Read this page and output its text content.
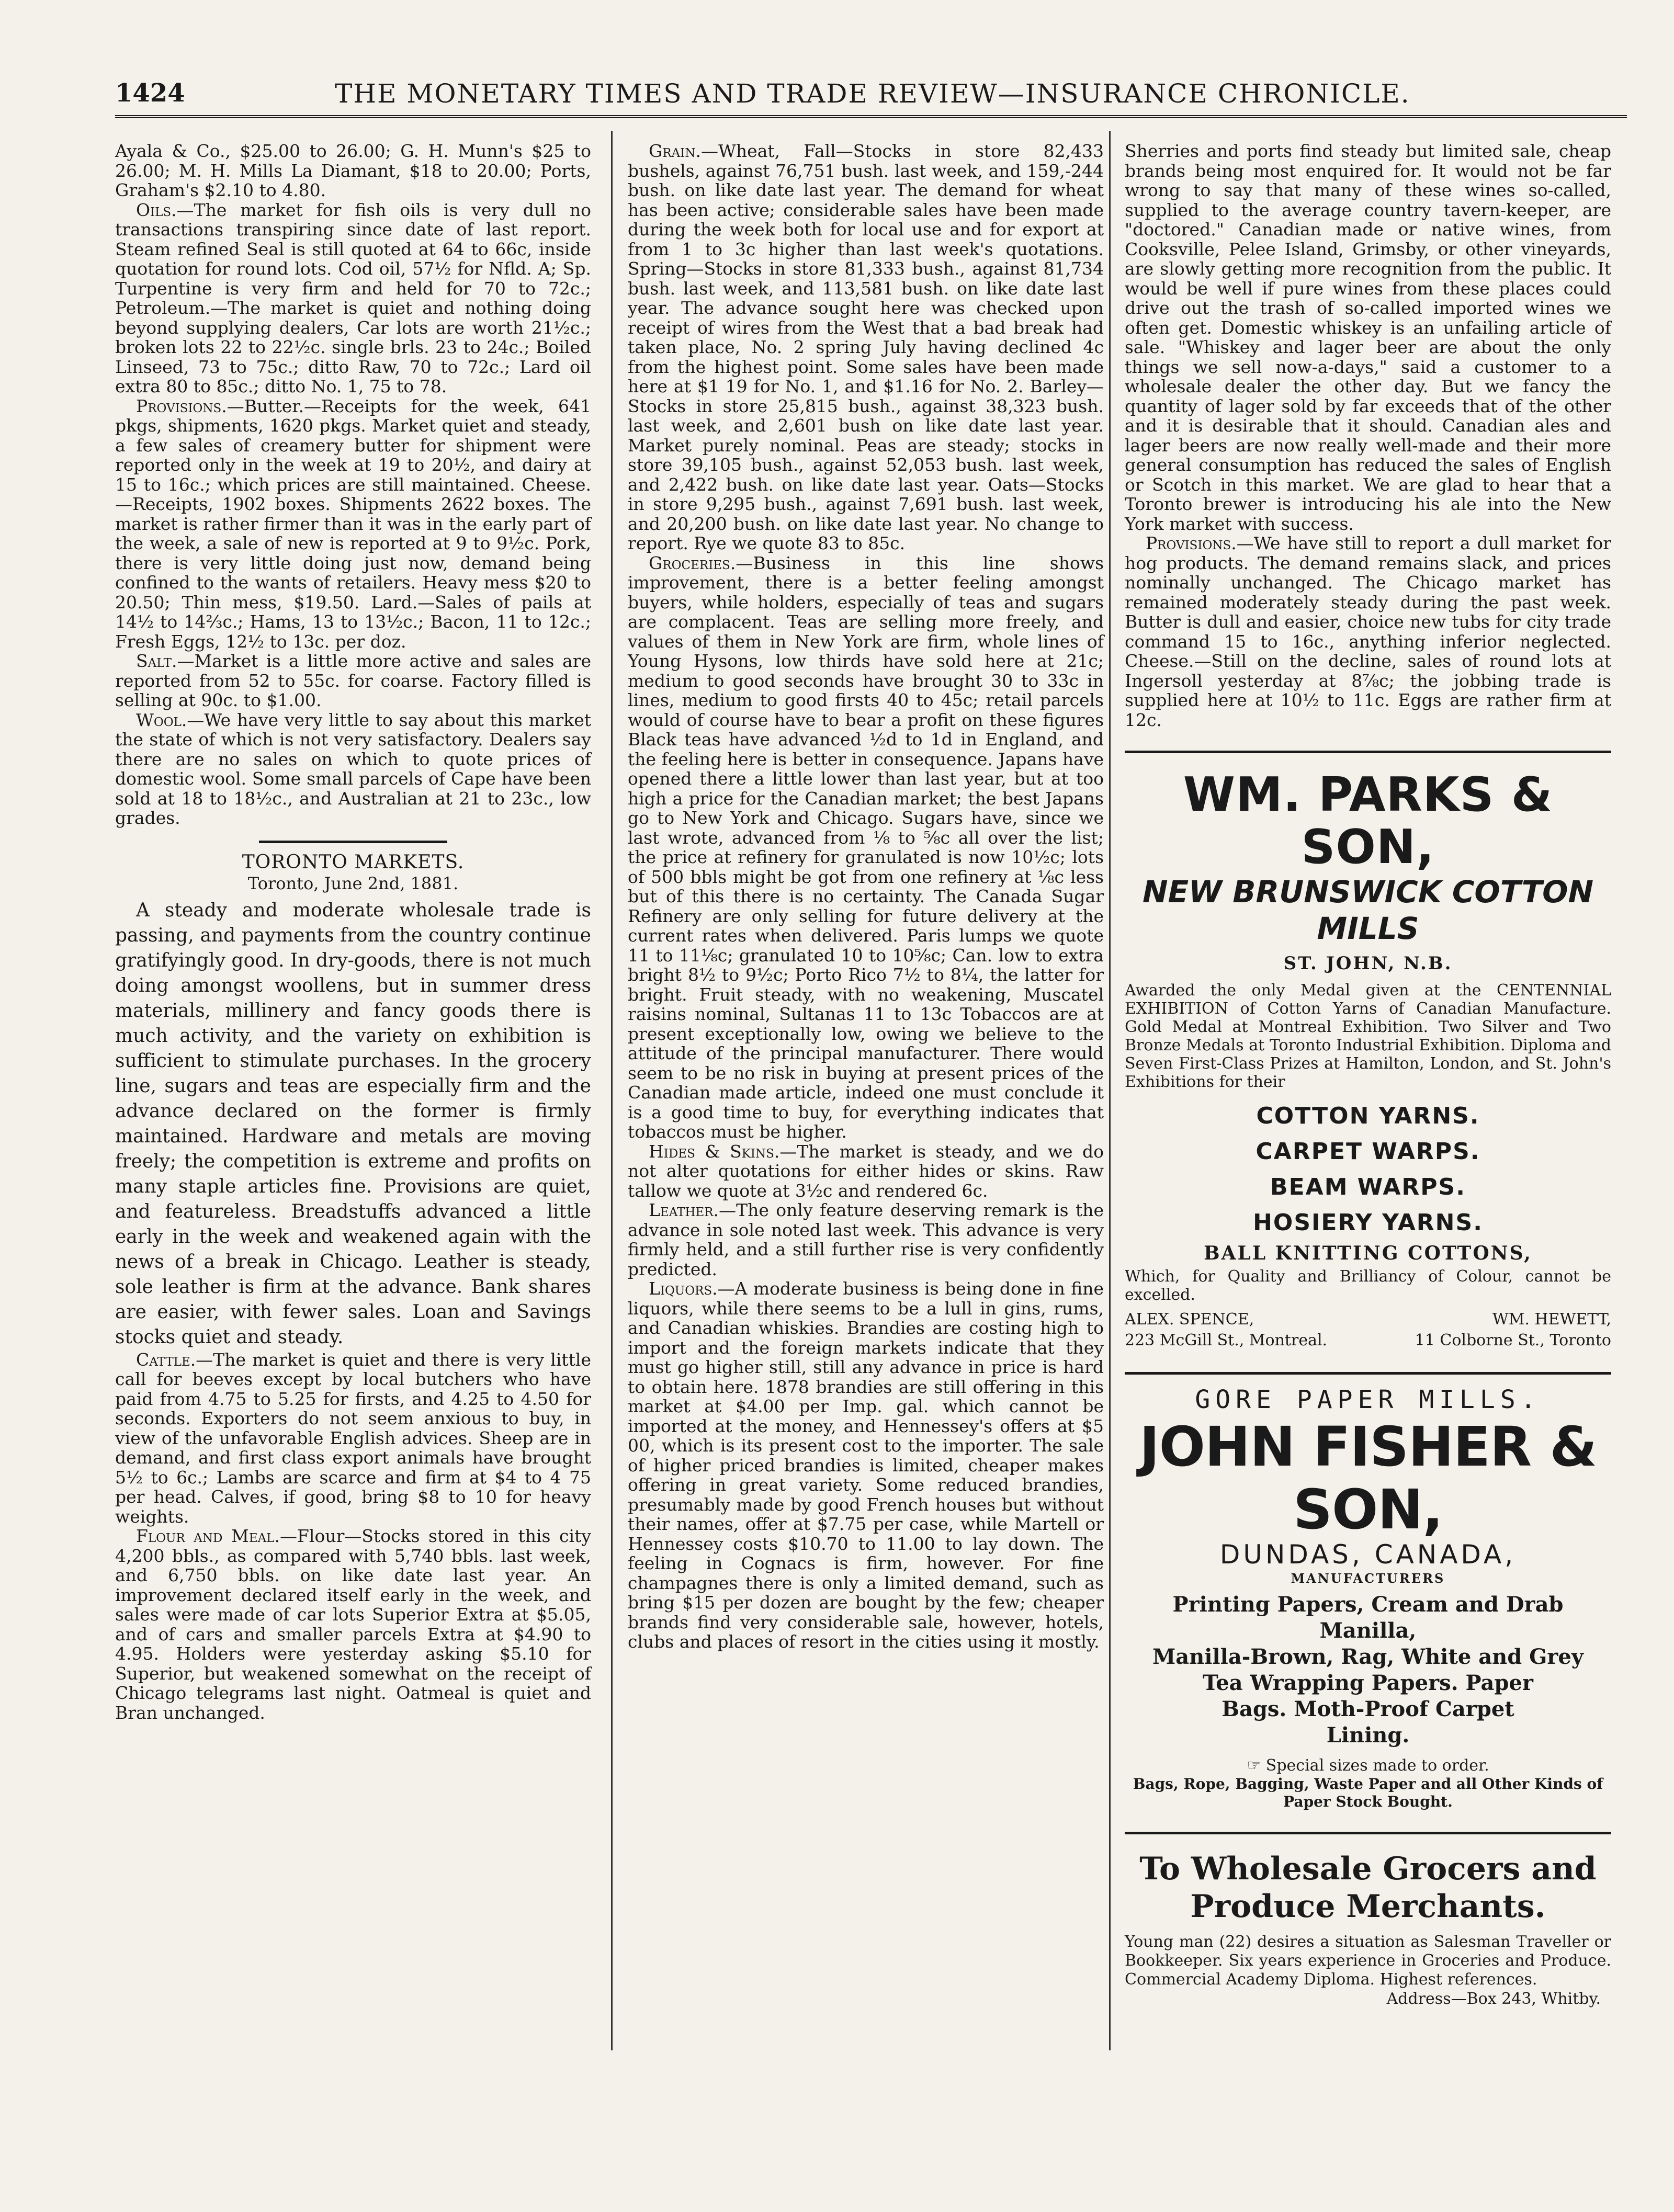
1424	THE MONETARY TIMES AND TRADE REVIEW—INSURANCE CHRONICLE.

Ayala & Co., $25.00 to 26.00; G. H. Munn's $25 to 26.00; M. H. Mills La Diamant, $18 to 20.00; Ports, Graham's $2.10 to 4.80.

Oils.—The market for fish oils is very dull no transactions transpiring since date of last report. Steam refined Seal is still quoted at 64 to 66c, inside quotation for round lots. Cod oil, 57½ for Nfld. A; Sp. Turpentine is very firm and held for 70 to 72c.; Petroleum.—The market is quiet and nothing doing beyond supplying dealers, Car lots are worth 21½c.; broken lots 22 to 22½c. single brls. 23 to 24c.; Boiled Linseed, 73 to 75c.; ditto Raw, 70 to 72c.; Lard oil extra 80 to 85c.; ditto No. 1, 75 to 78.

Provisions.—Butter.—Receipts for the week, 641 pkgs, shipments, 1620 pkgs. Market quiet and steady, a few sales of creamery butter for shipment were reported only in the week at 19 to 20½, and dairy at 15 to 16c.; which prices are still maintained. Cheese.—Receipts, 1902 boxes. Shipments 2622 boxes. The market is rather firmer than it was in the early part of the week, a sale of new is reported at 9 to 9½c. Pork, there is very little doing just now, demand being confined to the wants of retailers. Heavy mess $20 to 20.50; Thin mess, $19.50. Lard.—Sales of pails at 14½ to 14⅔c.; Hams, 13 to 13½c.; Bacon, 11 to 12c.; Fresh Eggs, 12½ to 13c. per doz.

Salt.—Market is a little more active and sales are reported from 52 to 55c. for coarse. Factory filled is selling at 90c. to $1.00.

Wool.—We have very little to say about this market the state of which is not very satisfactory. Dealers say there are no sales on which to quote prices of domestic wool. Some small parcels of Cape have been sold at 18 to 18½c., and Australian at 21 to 23c., low grades.

TORONTO MARKETS.
Toronto, June 2nd, 1881.

A steady and moderate wholesale trade is passing, and payments from the country continue gratifyingly good. In dry-goods, there is not much doing amongst woollens, but in summer dress materials, millinery and fancy goods there is much activity, and the variety on exhibition is sufficient to stimulate purchases. In the grocery line, sugars and teas are especially firm and the advance declared on the former is firmly maintained. Hardware and metals are moving freely; the competition is extreme and profits on many staple articles fine. Provisions are quiet, and featureless. Breadstuffs advanced a little early in the week and weakened again with the news of a break in Chicago. Leather is steady, sole leather is firm at the advance. Bank shares are easier, with fewer sales. Loan and Savings stocks quiet and steady.

Cattle.—The market is quiet and there is very little call for beeves except by local butchers who have paid from 4.75 to 5.25 for firsts, and 4.25 to 4.50 for seconds. Exporters do not seem anxious to buy, in view of the unfavorable English advices. Sheep are in demand, and first class export animals have brought 5½ to 6c.; Lambs are scarce and firm at $4 to 4 75 per head. Calves, if good, bring $8 to 10 for heavy weights.

Flour and Meal.—Flour—Stocks stored in this city 4,200 bbls., as compared with 5,740 bbls. last week, and 6,750 bbls. on like date last year. An improvement declared itself early in the week, and sales were made of car lots Superior Extra at $5.05, and of cars and smaller parcels Extra at $4.90 to 4.95. Holders were yesterday asking $5.10 for Superior, but weakened somewhat on the receipt of Chicago telegrams last night. Oatmeal is quiet and Bran unchanged.

Grain.—Wheat, Fall—Stocks in store 82,433 bushels, against 76,751 bush. last week, and 159,-244 bush. on like date last year. The demand for wheat has been active; considerable sales have been made during the week both for local use and for export at from 1 to 3c higher than last week's quotations. Spring—Stocks in store 81,333 bush., against 81,734 bush. last week, and 113,581 bush. on like date last year. The advance sought here was checked upon receipt of wires from the West that a bad break had taken place, No. 2 spring July having declined 4c from the highest point. Some sales have been made here at $1 19 for No. 1, and $1.16 for No. 2. Barley—Stocks in store 25,815 bush., against 38,323 bush. last week, and 2,601 bush on like date last year. Market purely nominal. Peas are steady; stocks in store 39,105 bush., against 52,053 bush. last week, and 2,422 bush. on like date last year. Oats—Stocks in store 9,295 bush., against 7,691 bush. last week, and 20,200 bush. on like date last year. No change to report. Rye we quote 83 to 85c.

Groceries.—Business in this line shows improvement, there is a better feeling amongst buyers, while holders, especially of teas and sugars are complacent. Teas are selling more freely, and values of them in New York are firm, whole lines of Young Hysons, low thirds have sold here at 21c; medium to good seconds have brought 30 to 33c in lines, medium to good firsts 40 to 45c; retail parcels would of course have to bear a profit on these figures Black teas have advanced ½d to 1d in England, and the feeling here is better in consequence. Japans have opened there a little lower than last year, but at too high a price for the Canadian market; the best Japans go to New York and Chicago. Sugars have, since we last wrote, advanced from ⅛ to ⅝c all over the list; the price at refinery for granulated is now 10½c; lots of 500 bbls might be got from one refinery at ⅛c less but of this there is no certainty. The Canada Sugar Refinery are only selling for future delivery at the current rates when delivered. Paris lumps we quote 11 to 11⅛c; granulated 10 to 10⅝c; Can. low to extra bright 8½ to 9½c; Porto Rico 7½ to 8¼, the latter for bright. Fruit steady, with no weakening, Muscatel raisins nominal, Sultanas 11 to 13c Tobaccos are at present exceptionally low, owing we believe to the attitude of the principal manufacturer. There would seem to be no risk in buying at present prices of the Canadian made article, indeed one must conclude it is a good time to buy, for everything indicates that tobaccos must be higher.

Hides & Skins.—The market is steady, and we do not alter quotations for either hides or skins. Raw tallow we quote at 3½c and rendered 6c.

Leather.—The only feature deserving remark is the advance in sole noted last week. This advance is very firmly held, and a still further rise is very confidently predicted.

Liquors.—A moderate business is being done in fine liquors, while there seems to be a lull in gins, rums, and Canadian whiskies. Brandies are costing high to import and the foreign markets indicate that they must go higher still, still any advance in price is hard to obtain here. 1878 brandies are still offering in this market at $4.00 per Imp. gal. which cannot be imported at the money, and Hennessey's offers at $5 00, which is its present cost to the importer. The sale of higher priced brandies is limited, cheaper makes offering in great variety. Some reduced brandies, presumably made by good French houses but without their names, offer at $7.75 per case, while Martell or Hennessey costs $10.70 to 11.00 to lay down. The feeling in Cognacs is firm, however. For fine champagnes there is only a limited demand, such as bring $15 per dozen are bought by the few; cheaper brands find very considerable sale, however, hotels, clubs and places of resort in the cities using it mostly.

Sherries and ports find steady but limited sale, cheap brands being most enquired for. It would not be far wrong to say that many of these wines so-called, supplied to the average country tavern-keeper, are "doctored." Canadian made or native wines, from Cooksville, Pelee Island, Grimsby, or other vineyards, are slowly getting more recognition from the public. It would be well if pure wines from these places could drive out the trash of so-called imported wines we often get. Domestic whiskey is an unfailing article of sale. "Whiskey and lager beer are about the only things we sell now-a-days," said a customer to a wholesale dealer the other day. But we fancy the quantity of lager sold by far exceeds that of the other and it is desirable that it should. Canadian ales and lager beers are now really well-made and their more general consumption has reduced the sales of English or Scotch in this market. We are glad to hear that a Toronto brewer is introducing his ale into the New York market with success.

Provisions.—We have still to report a dull market for hog products. The demand remains slack, and prices nominally unchanged. The Chicago market has remained moderately steady during the past week. Butter is dull and easier, choice new tubs for city trade command 15 to 16c., anything inferior neglected. Cheese.—Still on the decline, sales of round lots at Ingersoll yesterday at 8⅞c; the jobbing trade is supplied here at 10½ to 11c. Eggs are rather firm at 12c.

WM. PARKS & SON,
NEW BRUNSWICK COTTON MILLS
ST. JOHN, N.B.
Awarded the only Medal given at the CENTENNIAL EXHIBITION of Cotton Yarns of Canadian Manufacture. Gold Medal at Montreal Exhibition. Two Silver and Two Bronze Medals at Toronto Industrial Exhibition. Diploma and Seven First-Class Prizes at Hamilton, London, and St. John's Exhibitions for their
COTTON YARNS.
CARPET WARPS.
BEAM WARPS.
HOSIERY YARNS.
BALL KNITTING COTTONS,
Which, for Quality and Brilliancy of Colour, cannot be excelled.
ALEX. SPENCE,	WM. HEWETT,
223 McGill St., Montreal.	11 Colborne St., Toronto
GORE PAPER MILLS.
JOHN FISHER & SON,
DUNDAS, CANADA,
MANUFACTURERS
Printing Papers, Cream and Drab Manilla,
Manilla-Brown, Rag, White and Grey
Tea Wrapping Papers. Paper
Bags. Moth-Proof Carpet
Lining.
☞ Special sizes made to order.
Bags, Rope, Bagging, Waste Paper and all Other Kinds of Paper Stock Bought.
To Wholesale Grocers and Produce Merchants.
Young man (22) desires a situation as Salesman Traveller or Bookkeeper. Six years experience in Groceries and Produce. Commercial Academy Diploma. Highest references.
Address—Box 243, Whitby.
